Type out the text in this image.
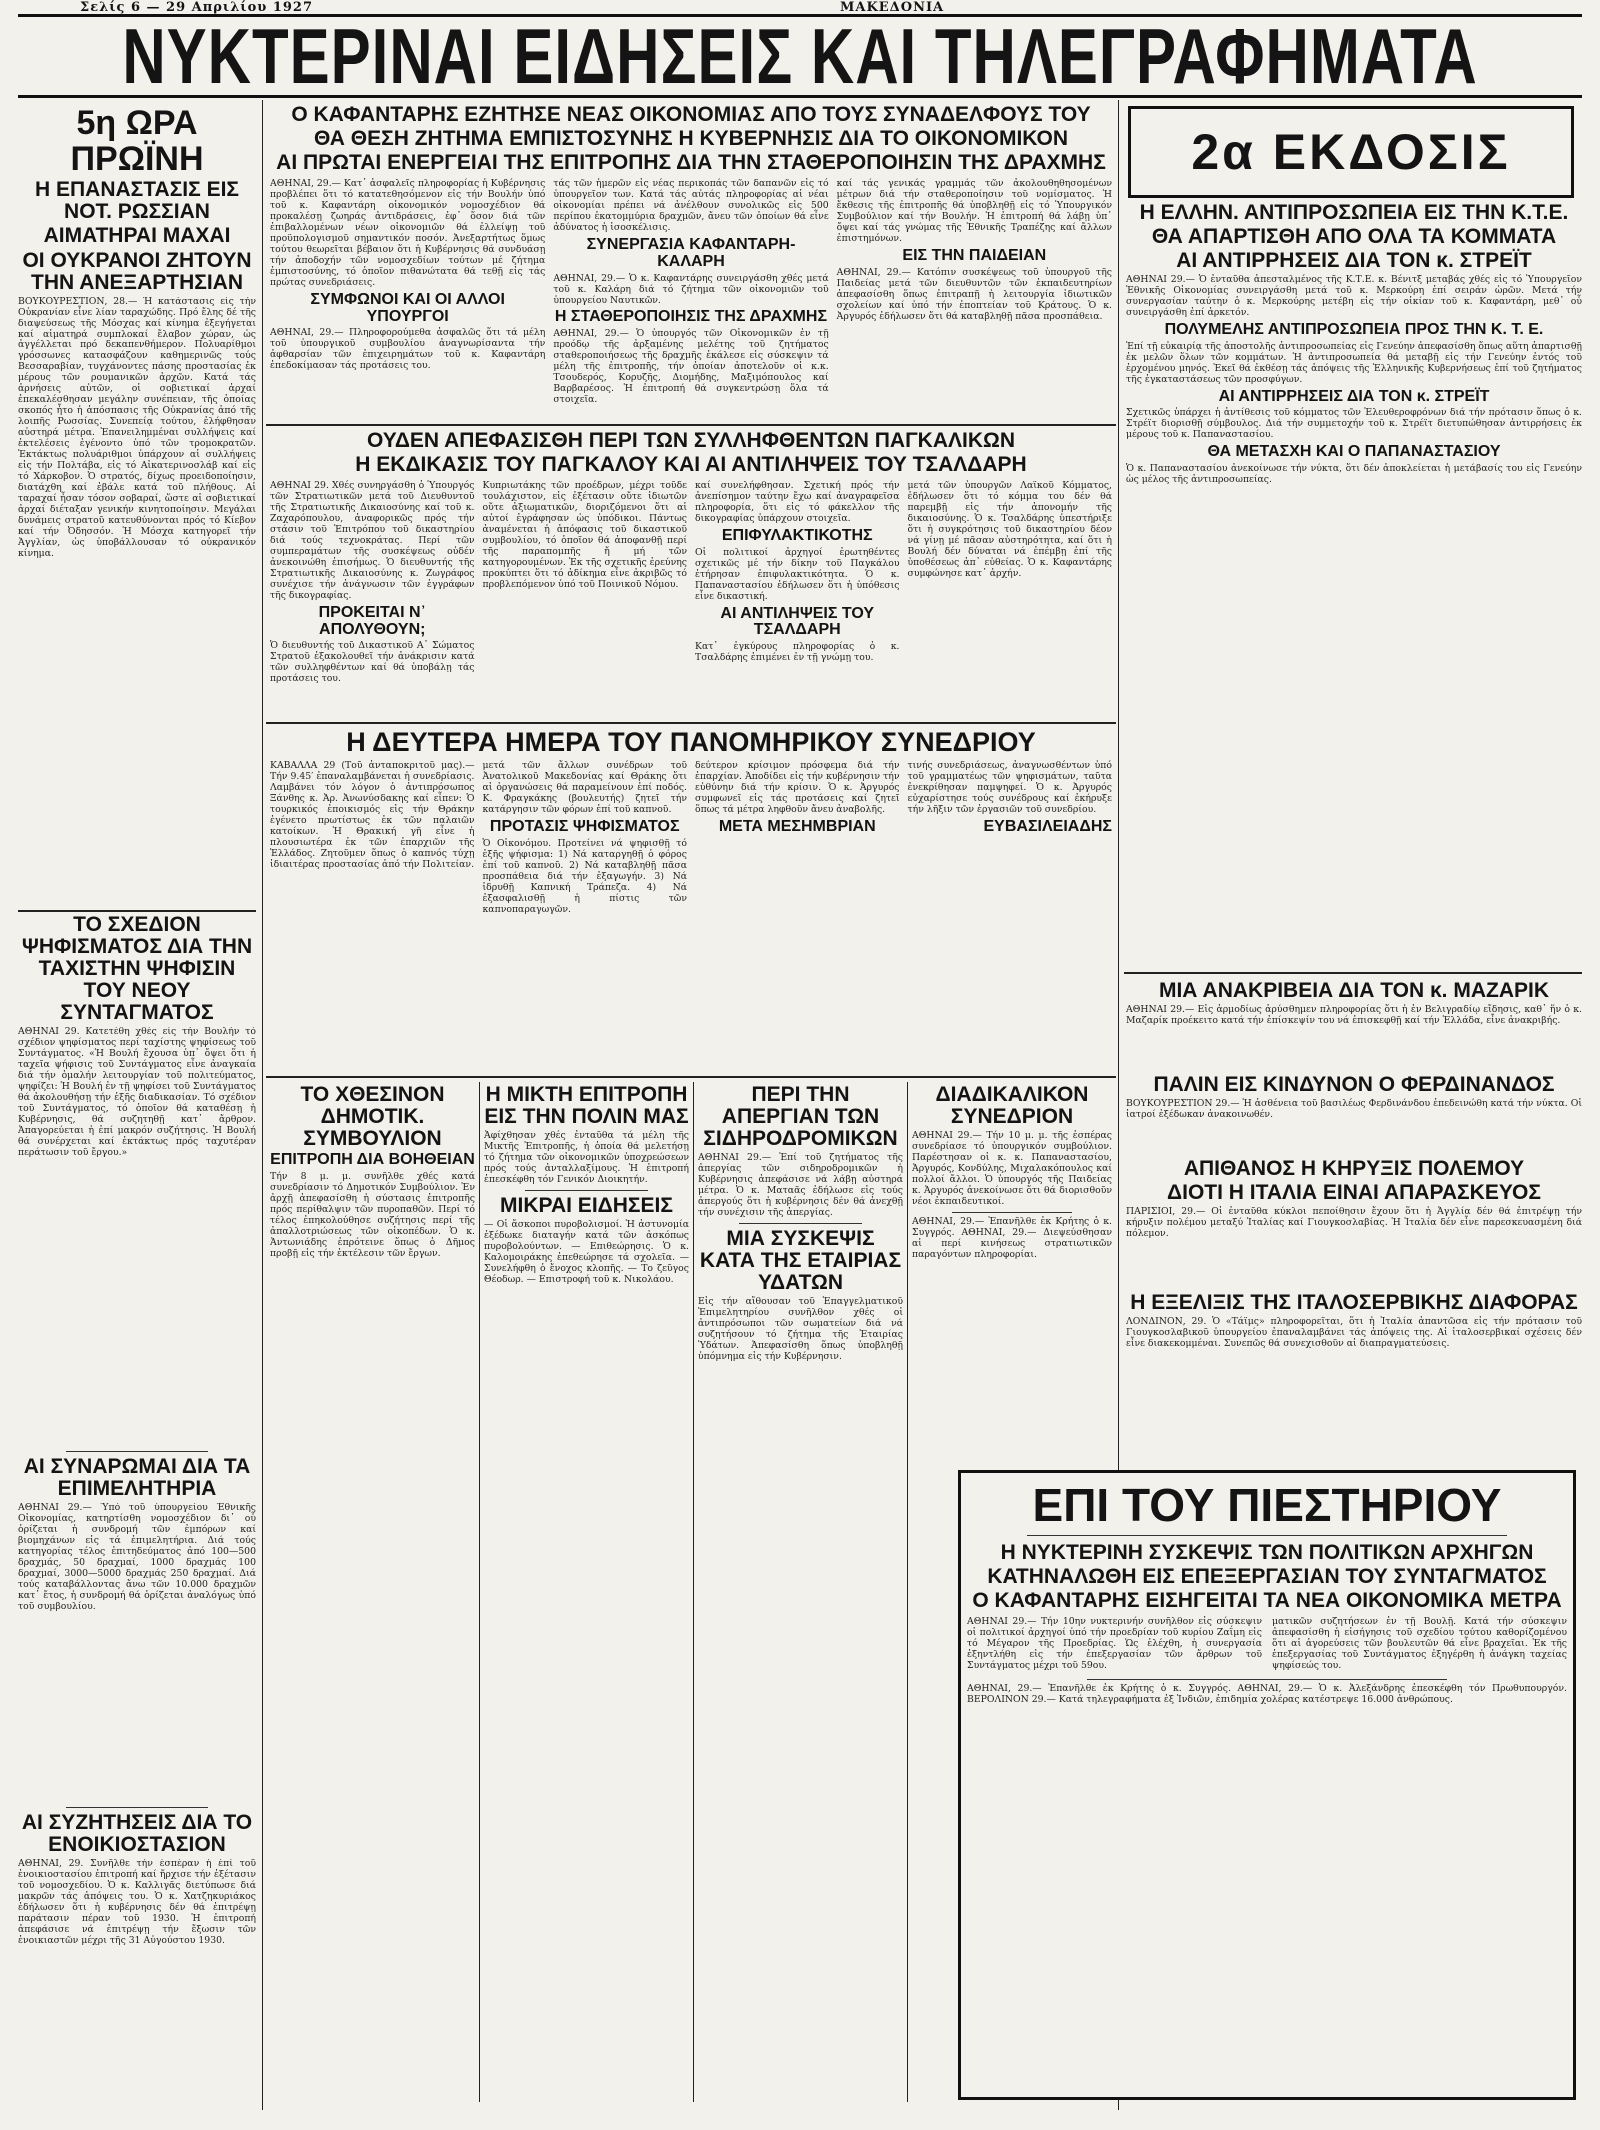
Σελίς 6 — 29 Απριλίου 1927	ΜΑΚΕΔΟΝΙΑ
ΝΥΚΤΕΡΙΝΑΙ ΕΙΔΗΣΕΙΣ ΚΑΙ ΤΗΛΕΓΡΑΦΗΜΑΤΑ
5η ΩΡΑ ΠΡΩΪΝΗ
Η ΕΠΑΝΑΣΤΑΣΙΣ ΕΙΣ ΝΟΤ. ΡΩΣΣΙΑΝ
ΑΙΜΑΤΗΡΑΙ ΜΑΧΑΙ
ΟΙ ΟΥΚΡΑΝΟΙ ΖΗΤΟΥΝ ΤΗΝ ΑΝΕΞΑΡΤΗΣΙΑΝ

ΒΟΥΚΟΥΡΕΣΤΙΟΝ, 28.— Ἡ κατάστασις εἰς τήν Οὐκρανίαν εἶνε λίαν ταραχώδης. Πρό ἔλης δέ τῆς διαψεύσεως τῆς Μόσχας καί κίνημα ἐξεγήγεται καί αἱματηρά συμπλοκαί ἔλαβον χώραν, ὡς ἀγγέλλεται πρό δεκαπενθήμερον. Πολυαρίθμοι γρόσσωνες κατασφάζουν καθημερινῶς τούς Βεσσαραβίαν, τυγχάνοντες πάσης προστασίας ἐκ μέρους τῶν ρουμανικῶν ἀρχῶν. Κατά τάς ἀρνήσεις αὐτῶν, οἱ σοβιετικαί ἀρχαί ἐπεκαλέσθησαν μεγάλην συνέπειαν, τῆς ὁποίας σκοπός ἦτο ἡ ἀπόσπασις τῆς Οὐκρανίας ἀπό τῆς λοιπῆς Ρωσσίας. Συνεπείᾳ τούτου, ἐλήφθησαν αὐστηρά μέτρα. Ἐπανειλημμέναι συλλήψεις καί ἐκτελέσεις ἐγένοντο ὑπό τῶν τρομοκρατῶν. Ἐκτάκτως πολυάριθμοι ὑπάρχουν αἱ συλλήψεις εἰς τήν Πολτάβα, εἰς τό Αἰκατερινοσλάβ καί εἰς τό Χάρκοβον. Ὁ στρατός, δίχως προειδοποίησιν, διατάχθη καί ἐβάλε κατά τοῦ πλήθους. Αἱ ταραχαί ἦσαν τόσον σοβαραί, ὥστε αἱ σοβιετικαί ἀρχαί διέταξαν γενικήν κινητοποίησιν. Μεγάλαι δυνάμεις στρατοῦ κατευθύνονται πρός τό Κίεβον καί τήν Ὀδησσόν. Ἡ Μόσχα κατηγορεῖ τήν Ἀγγλίαν, ὡς ὑποβάλλουσαν τό οὐκρανικόν κίνημα.

ΤΟ ΣΧΕΔΙΟΝ ΨΗΦΙΣΜΑΤΟΣ ΔΙΑ ΤΗΝ ΤΑΧΙΣΤΗΝ ΨΗΦΙΣΙΝ ΤΟΥ ΝΕΟΥ ΣΥΝΤΑΓΜΑΤΟΣ

ΑΘΗΝΑΙ 29. Κατετέθη χθές εἰς τήν Βουλήν τό σχέδιον ψηφίσματος περί ταχίστης ψηφίσεως τοῦ Συντάγματος. «Ἡ Βουλή ἔχουσα ὑπ᾽ ὄψει ὅτι ἡ ταχεῖα ψήφισις τοῦ Συντάγματος εἶνε ἀναγκαία διά τήν ὁμαλήν λειτουργίαν τοῦ πολιτεύματος, ψηφίζει: Ἡ Βουλή ἐν τῇ ψηφίσει τοῦ Συντάγματος θά ἀκολουθήσῃ τήν ἑξῆς διαδικασίαν. Τό σχέδιον τοῦ Συντάγματος, τό ὁποῖον θά καταθέσῃ ἡ Κυβέρνησις, θά συζητηθῇ κατ᾽ ἄρθρον. Ἀπαγορεύεται ἡ ἐπί μακρόν συζήτησις. Ἡ Βουλή θά συνέρχεται καί ἐκτάκτως πρός ταχυτέραν περάτωσιν τοῦ ἔργου.»

ΑΙ ΣΥΝΑΡΩΜΑΙ ΔΙΑ ΤΑ ΕΠΙΜΕΛΗΤΗΡΙΑ

ΑΘΗΝΑΙ 29.— Ὑπό τοῦ ὑπουργείου Ἐθνικῆς Οἰκονομίας, κατηρτίσθη νομοσχέδιον δι᾽ οὗ ὁρίζεται ἡ συνδρομή τῶν ἐμπόρων καί βιομηχάνων εἰς τά ἐπιμελητήρια. Διά τούς κατηγορίας τέλος ἐπιτηδεύματος ἀπό 100—500 δραχμάς, 50 δραχμαί, 1000 δραχμάς 100 δραχμαί, 3000—5000 δραχμάς 250 δραχμαί. Διά τούς καταβάλλοντας ἄνω τῶν 10.000 δραχμῶν κατ᾽ ἔτος, ἡ συνδρομή θά ὁρίζεται ἀναλόγως ὑπό τοῦ συμβουλίου.

ΑΙ ΣΥΖΗΤΗΣΕΙΣ ΔΙΑ ΤΟ ΕΝΟΙΚΙΟΣΤΑΣΙΟΝ

ΑΘΗΝΑΙ, 29. Συνῆλθε τήν ἑσπέραν ἡ ἐπί τοῦ ἐνοικιοστασίου ἐπιτροπή καί ἤρχισε τήν ἐξέτασιν τοῦ νομοσχεδίου. Ὁ κ. Καλλιγᾶς διετύπωσε διά μακρῶν τάς ἀπόψεις του. Ὁ κ. Χατζηκυριάκος ἐδήλωσεν ὅτι ἡ κυβέρνησις δέν θά ἐπιτρέψῃ παράτασιν πέραν τοῦ 1930. Ἡ ἐπιτροπή ἀπεφάσισε νά ἐπιτρέψῃ τήν ἔξωσιν τῶν ἐνοικιαστῶν μέχρι τῆς 31 Αὐγούστου 1930.

Ο ΚΑΦΑΝΤΑΡΗΣ ΕΖΗΤΗΣΕ ΝΕΑΣ ΟΙΚΟΝΟΜΙΑΣ ΑΠΟ ΤΟΥΣ ΣΥΝΑΔΕΛΦΟΥΣ ΤΟΥ
ΘΑ ΘΕΣΗ ΖΗΤΗΜΑ ΕΜΠΙΣΤΟΣΥΝΗΣ Η ΚΥΒΕΡΝΗΣΙΣ ΔΙΑ ΤΟ ΟΙΚΟΝΟΜΙΚΟΝ
ΑΙ ΠΡΩΤΑΙ ΕΝΕΡΓΕΙΑΙ ΤΗΣ ΕΠΙΤΡΟΠΗΣ ΔΙΑ ΤΗΝ ΣΤΑΘΕΡΟΠΟΙΗΣΙΝ ΤΗΣ ΔΡΑΧΜΗΣ

ΑΘΗΝΑΙ, 29.— Κατ᾽ ἀσφαλεῖς πληροφορίας ἡ Κυβέρνησις προβλέπει ὅτι τό κατατεθησόμενον εἰς τήν Βουλήν ὑπό τοῦ κ. Καφαντάρη οἰκονομικόν νομοσχέδιον θά προκαλέσῃ ζωηράς ἀντιδράσεις, ἐφ᾽ ὅσον διά τῶν ἐπιβαλλομένων νέων οἰκονομιῶν θά ἐλλείψῃ τοῦ προϋπολογισμοῦ σημαντικόν ποσόν. Ἀνεξαρτήτως ὅμως τούτου θεωρεῖται βέβαιον ὅτι ἡ Κυβέρνησις θά συνδυάσῃ τήν ἀποδοχήν τῶν νομοσχεδίων τούτων μέ ζήτημα ἐμπιστοσύνης, τό ὁποῖον πιθανώτατα θά τεθῇ εἰς τάς πρώτας συνεδριάσεις.

ΣΥΜΦΩΝΟΙ ΚΑΙ ΟΙ ΑΛΛΟΙ ΥΠΟΥΡΓΟΙ

ΑΘΗΝΑΙ, 29.— Πληροφορούμεθα ἀσφαλῶς ὅτι τά μέλη τοῦ ὑπουργικοῦ συμβουλίου ἀναγνωρίσαντα τήν ἀφθαρσίαν τῶν ἐπιχειρημάτων τοῦ κ. Καφαντάρη ἐπεδοκίμασαν τάς προτάσεις του.

τάς τῶν ἡμερῶν εἰς νέας περικοπάς τῶν δαπανῶν εἰς τό ὑπουργεῖον των. Κατά τάς αὐτάς πληροφορίας αἱ νέαι οἰκονομίαι πρέπει νά ἀνέλθουν συνολικῶς εἰς 500 περίπου ἑκατομμύρια δραχμῶν, ἄνευ τῶν ὁποίων θά εἶνε ἀδύνατος ἡ ἰσοσκέλισις.

ΣΥΝΕΡΓΑΣΙΑ ΚΑΦΑΝΤΑΡΗ-ΚΑΛΑΡΗ

ΑΘΗΝΑΙ, 29.— Ὁ κ. Καφαντάρης συνειργάσθη χθές μετά τοῦ κ. Καλάρη διά τό ζήτημα τῶν οἰκονομιῶν τοῦ ὑπουργείου Ναυτικῶν.

Η ΣΤΑΘΕΡΟΠΟΙΗΣΙΣ ΤΗΣ ΔΡΑΧΜΗΣ

ΑΘΗΝΑΙ, 29.— Ὁ ὑπουργός τῶν Οἰκονομικῶν ἐν τῇ προόδῳ τῆς ἀρξαμένης μελέτης τοῦ ζητήματος σταθεροποιήσεως τῆς δραχμῆς ἐκάλεσε εἰς σύσκεψιν τά μέλη τῆς ἐπιτροπῆς, τήν ὁποίαν ἀποτελοῦν οἱ κ.κ. Τσουδερός, Κορυζῆς, Διομήδης, Μαξιμόπουλος καί Βαρβαρέσος. Ἡ ἐπιτροπή θά συγκεντρώσῃ ὅλα τά στοιχεῖα.

καί τάς γενικάς γραμμάς τῶν ἀκολουθηθησομένων μέτρων διά τήν σταθεροποίησιν τοῦ νομίσματος. Ἡ ἔκθεσις τῆς ἐπιτροπῆς θά ὑποβληθῇ εἰς τό Ὑπουργικόν Συμβούλιον καί τήν Βουλήν. Ἡ ἐπιτροπή θά λάβῃ ὑπ᾽ ὄψει καί τάς γνώμας τῆς Ἐθνικῆς Τραπέζης καί ἄλλων ἐπιστημόνων.

ΕΙΣ ΤΗΝ ΠΑΙΔΕΙΑΝ

ΑΘΗΝΑΙ, 29.— Κατόπιν συσκέψεως τοῦ ὑπουργοῦ τῆς Παιδείας μετά τῶν διευθυντῶν τῶν ἐκπαιδευτηρίων ἀπεφασίσθη ὅπως ἐπιτραπῇ ἡ λειτουργία ἰδιωτικῶν σχολείων καί ὑπό τήν ἐποπτείαν τοῦ Κράτους. Ὁ κ. Ἀργυρός ἐδήλωσεν ὅτι θά καταβληθῇ πᾶσα προσπάθεια.

ΟΥΔΕΝ ΑΠΕΦΑΣΙΣΘΗ ΠΕΡΙ ΤΩΝ ΣΥΛΛΗΦΘΕΝΤΩΝ ΠΑΓΚΑΛΙΚΩΝ
Η ΕΚΔΙΚΑΣΙΣ ΤΟΥ ΠΑΓΚΑΛΟΥ ΚΑΙ ΑΙ ΑΝΤΙΛΗΨΕΙΣ ΤΟΥ ΤΣΑΛΔΑΡΗ

ΑΘΗΝΑΙ 29. Χθές συνηργάσθη ὁ Ὑπουργός τῶν Στρατιωτικῶν μετά τοῦ Διευθυντοῦ τῆς Στρατιωτικῆς Δικαιοσύνης καί τοῦ κ. Ζαχαρόπουλου, ἀναφορικῶς πρός τήν στάσιν τοῦ Ἐπιτρόπου τοῦ δικαστηρίου διά τούς τεχνοκράτας. Περί τῶν συμπεραμάτων τῆς συσκέψεως οὐδέν ἀνεκοινώθη ἐπισήμως. Ὁ διευθυντής τῆς Στρατιωτικῆς Δικαιοσύνης κ. Ζωγράφος συνέχισε τήν ἀνάγνωσιν τῶν ἐγγράφων τῆς δικογραφίας.

ΠΡΟΚΕΙΤΑΙ Ν᾽ ΑΠΟΛΥΘΟΥΝ;

Ὁ διευθυντής τοῦ Δικαστικοῦ Α᾽ Σώματος Στρατοῦ ἐξακολουθεῖ τήν ἀνάκρισιν κατά τῶν συλληφθέντων καί θά ὑποβάλῃ τάς προτάσεις του.

Κυπριωτάκης τῶν προέδρων, μέχρι τοῦδε τουλάχιστον, εἰς ἐξέτασιν οὔτε ἰδιωτῶν οὔτε ἀξιωματικῶν, διοριζόμενοι ὅτι αἱ αὐτοί ἐγράφησαν ὡς ὑπόδικοι. Πάντως ἀναμένεται ἡ ἀπόφασις τοῦ δικαστικοῦ συμβουλίου, τό ὁποῖον θά ἀποφανθῇ περί τῆς παραπομπῆς ἤ μή τῶν κατηγορουμένων. Ἐκ τῆς σχετικῆς ἐρεύνης προκύπτει ὅτι τό ἀδίκημα εἶνε ἀκριβῶς τό προβλεπόμενον ὑπό τοῦ Ποινικοῦ Νόμου.

καί συνελήφθησαν. Σχετική πρός τήν ἀνεπίσημον ταύτην ἔχω καί ἀναγραφεῖσα πληροφορία, ὅτι εἰς τό φάκελλον τῆς δικογραφίας ὑπάρχουν στοιχεῖα.

ΕΠΙΦΥΛΑΚΤΙΚΟΤΗΣ

Οἱ πολιτικοί ἀρχηγοί ἐρωτηθέντες σχετικῶς μέ τήν δίκην τοῦ Παγκάλου ἐτήρησαν ἐπιφυλακτικότητα. Ὁ κ. Παπαναστασίου ἐδήλωσεν ὅτι ἡ ὑπόθεσις εἶνε δικαστική.

ΑΙ ΑΝΤΙΛΗΨΕΙΣ ΤΟΥ ΤΣΑΛΔΑΡΗ

Κατ᾽ ἐγκύρους πληροφορίας ὁ κ. Τσαλδάρης ἐπιμένει ἐν τῇ γνώμῃ του.

μετά τῶν ὑπουργῶν Λαϊκοῦ Κόμματος, ἐδήλωσεν ὅτι τό κόμμα του δέν θά παρεμβῇ εἰς τήν ἀπονομήν τῆς δικαιοσύνης. Ὁ κ. Τσαλδάρης ὑπεστήριξε ὅτι ἡ συγκρότησις τοῦ δικαστηρίου δέον νά γίνῃ μέ πᾶσαν αὐστηρότητα, καί ὅτι ἡ Βουλή δέν δύναται νά ἐπέμβῃ ἐπί τῆς ὑποθέσεως ἀπ᾽ εὐθείας. Ὁ κ. Καφαντάρης συμφώνησε κατ᾽ ἀρχήν.

Η ΔΕΥΤΕΡΑ ΗΜΕΡΑ ΤΟΥ ΠΑΝΟΜΗΡΙΚΟΥ ΣΥΝΕΔΡΙΟΥ

ΚΑΒΑΛΛΑ 29 (Τοῦ ἀνταποκριτοῦ μας).— Τήν 9.45′ ἐπαναλαμβάνεται ἡ συνεδρίασις. Λαμβάνει τόν λόγον ὁ ἀντιπρόσωπος Ξάνθης κ. Ἀρ. Ἀνωνύσδακης καί εἶπεν: Ὁ τουρκικός ἐποικισμός εἰς τήν Θράκην ἐγένετο πρωτίστως ἐκ τῶν παλαιῶν κατοίκων. Ἡ Θρακική γῆ εἶνε ἡ πλουσιωτέρα ἐκ τῶν ἐπαρχιῶν τῆς Ἑλλάδος. Ζητοῦμεν ὅπως ὁ καπνός τύχῃ ἰδιαιτέρας προστασίας ἀπό τήν Πολιτείαν.

μετά τῶν ἄλλων συνέδρων τοῦ Ἀνατολικοῦ Μακεδονίας καί Θράκης ὅτι αἱ ὀργανώσεις θά παραμείνουν ἐπί ποδός. Κ. Φραγκάκης (βουλευτής) ζητεῖ τήν κατάργησιν τῶν φόρων ἐπί τοῦ καπνοῦ.

ΠΡΟΤΑΣΙΣ ΨΗΦΙΣΜΑΤΟΣ

Ὁ Οἰκονόμου. Προτείνει νά ψηφισθῇ τό ἑξῆς ψήφισμα: 1) Νά καταργηθῇ ὁ φόρος ἐπί τοῦ καπνοῦ. 2) Νά καταβληθῇ πᾶσα προσπάθεια διά τήν ἐξαγωγήν. 3) Νά ἱδρυθῇ Καπνική Τράπεζα. 4) Νά ἐξασφαλισθῇ ἡ πίστις τῶν καπνοπαραγωγῶν.

δεύτερον κρίσιμον πρόσφεμα διά τήν ἐπαρχίαν. Ἀποδίδει εἰς τήν κυβέρνησιν τήν εὐθύνην διά τήν κρίσιν. Ὁ κ. Ἀργυρός συμφωνεῖ εἰς τάς προτάσεις καί ζητεῖ ὅπως τά μέτρα ληφθοῦν ἄνευ ἀναβολῆς.

ΜΕΤΑ ΜΕΣΗΜΒΡΙΑΝ

τινής συνεδριάσεως, ἀναγνωσθέντων ὑπό τοῦ γραμματέως τῶν ψηφισμάτων, ταῦτα ἐνεκρίθησαν παμψηφεί. Ὁ κ. Ἀργυρός εὐχαρίστησε τούς συνέδρους καί ἐκήρυξε τήν λῆξιν τῶν ἐργασιῶν τοῦ συνεδρίου.

ΕΥΒΑΣΙΛΕΙΑΔΗΣ
ΤΟ ΧΘΕΣΙΝΟΝ ΔΗΜΟΤΙΚ. ΣΥΜΒΟΥΛΙΟΝ
ΕΠΙΤΡΟΠΗ ΔΙΑ ΒΟΗΘΕΙΑΝ

Τήν 8 μ. μ. συνῆλθε χθές κατά συνεδρίασιν τό Δημοτικόν Συμβούλιον. Ἐν ἀρχῇ ἀπεφασίσθη ἡ σύστασις ἐπιτροπῆς πρός περίθαλψιν τῶν πυροπαθῶν. Περί τό τέλος ἐπηκολούθησε συζήτησις περί τῆς ἀπαλλοτριώσεως τῶν οἰκοπέδων. Ὁ κ. Ἀντωνιάδης ἐπρότεινε ὅπως ὁ Δῆμος προβῇ εἰς τήν ἐκτέλεσιν τῶν ἔργων.

Η ΜΙΚΤΗ ΕΠΙΤΡΟΠΗ ΕΙΣ ΤΗΝ ΠΟΛΙΝ ΜΑΣ

Ἀφίχθησαν χθές ἐνταῦθα τά μέλη τῆς Μικτῆς Ἐπιτροπῆς, ἡ ὁποία θά μελετήσῃ τό ζήτημα τῶν οἰκονομικῶν ὑποχρεώσεων πρός τούς ἀνταλλαξίμους. Ἡ ἐπιτροπή ἐπεσκέφθη τόν Γενικόν Διοικητήν.

ΜΙΚΡΑΙ ΕΙΔΗΣΕΙΣ

— Οἱ ἄσκοποι πυροβολισμοί. Ἡ ἀστυνομία ἐξέδωκε διαταγήν κατά τῶν ἀσκόπως πυροβολούντων. — Επιθεώρησις. Ὁ κ. Καλομοιράκης ἐπεθεώρησε τά σχολεῖα. — Συνελήφθη ὁ ἔνοχος κλοπῆς. — Το ζεῦγος Θέοδωρ. — Επιστροφή τοῦ κ. Νικολάου.

ΠΕΡΙ ΤΗΝ ΑΠΕΡΓΙΑΝ ΤΩΝ ΣΙΔΗΡΟΔΡΟΜΙΚΩΝ

ΑΘΗΝΑΙ 29.— Ἐπί τοῦ ζητήματος τῆς ἀπεργίας τῶν σιδηροδρομικῶν ἡ Κυβέρνησις ἀπεφάσισε νά λάβῃ αὐστηρά μέτρα. Ὁ κ. Ματαᾶς ἐδήλωσε εἰς τούς ἀπεργούς ὅτι ἡ κυβέρνησις δέν θά ἀνεχθῇ τήν συνέχισιν τῆς ἀπεργίας.

ΜΙΑ ΣΥΣΚΕΨΙΣ ΚΑΤΑ ΤΗΣ ΕΤΑΙΡΙΑΣ ΥΔΑΤΩΝ

Εἰς τήν αἴθουσαν τοῦ Ἐπαγγελματικοῦ Ἐπιμελητηρίου συνῆλθον χθές οἱ ἀντιπρόσωποι τῶν σωματείων διά νά συζητήσουν τό ζήτημα τῆς Ἑταιρίας Ὑδάτων. Ἀπεφασίσθη ὅπως ὑποβληθῇ ὑπόμνημα εἰς τήν Κυβέρνησιν.

ΔΙΑΔΙΚΑΛΙΚΟΝ ΣΥΝΕΔΡΙΟΝ

ΑΘΗΝΑΙ 29.— Τήν 10 μ. μ. τῆς ἑσπέρας συνεδρίασε τό ὑπουργικόν συμβούλιον. Παρέστησαν οἱ κ. κ. Παπαναστασίου, Ἀργυρός, Κονδύλης, Μιχαλακόπουλος καί πολλοί ἄλλοι. Ὁ ὑπουργός τῆς Παιδείας κ. Ἀργυρός ἀνεκοίνωσε ὅτι θά διορισθοῦν νέοι ἐκπαιδευτικοί.

ΑΘΗΝΑΙ, 29.— Ἐπανῆλθε ἐκ Κρήτης ὁ κ. Συγγρός. ΑΘΗΝΑΙ, 29.— Διεψεύσθησαν αἱ περί κινήσεως στρατιωτικῶν παραγόντων πληροφορίαι.

2α ΕΚΔΟΣΙΣ
Η ΕΛΛΗΝ. ΑΝΤΙΠΡΟΣΩΠΕΙΑ ΕΙΣ ΤΗΝ Κ.Τ.Ε.
ΘΑ ΑΠΑΡΤΙΣΘΗ ΑΠΟ ΟΛΑ ΤΑ ΚΟΜΜΑΤΑ
ΑΙ ΑΝΤΙΡΡΗΣΕΙΣ ΔΙΑ ΤΟΝ κ. ΣΤΡΕΪΤ

ΑΘΗΝΑΙ 29.— Ὁ ἐνταῦθα ἀπεσταλμένος τῆς Κ.Τ.Ε. κ. Βένιτξ μεταβάς χθές εἰς τό Ὑπουργεῖον Ἐθνικῆς Οἰκονομίας συνειργάσθη μετά τοῦ κ. Μερκούρη ἐπί σειράν ὡρῶν. Μετά τήν συνεργασίαν ταύτην ὁ κ. Μερκούρης μετέβη εἰς τήν οἰκίαν τοῦ κ. Καφαντάρη, μεθ᾽ οὗ συνειργάσθη ἐπί ἀρκετόν.

ΠΟΛΥΜΕΛΗΣ ΑΝΤΙΠΡΟΣΩΠΕΙΑ ΠΡΟΣ ΤΗΝ Κ. Τ. Ε.

Ἐπί τῇ εὐκαιρίᾳ τῆς ἀποστολῆς ἀντιπροσωπείας εἰς Γενεύην ἀπεφασίσθη ὅπως αὕτη ἀπαρτισθῇ ἐκ μελῶν ὅλων τῶν κομμάτων. Ἡ ἀντιπροσωπεία θά μεταβῇ εἰς τήν Γενεύην ἐντός τοῦ ἐρχομένου μηνός. Ἐκεῖ θά ἐκθέσῃ τάς ἀπόψεις τῆς Ἑλληνικῆς Κυβερνήσεως ἐπί τοῦ ζητήματος τῆς ἐγκαταστάσεως τῶν προσφύγων.

ΑΙ ΑΝΤΙΡΡΗΣΕΙΣ ΔΙΑ ΤΟΝ κ. ΣΤΡΕΪΤ

Σχετικῶς ὑπάρχει ἡ ἀντίθεσις τοῦ κόμματος τῶν Ἐλευθεροφρόνων διά τήν πρότασιν ὅπως ὁ κ. Στρέϊτ διορισθῇ σύμβουλος. Διά τήν συμμετοχήν τοῦ κ. Στρέϊτ διετυπώθησαν ἀντιρρήσεις ἐκ μέρους τοῦ κ. Παπαναστασίου.

ΘΑ ΜΕΤΑΣΧΗ ΚΑΙ Ο ΠΑΠΑΝΑΣΤΑΣΙΟΥ

Ὁ κ. Παπαναστασίου ἀνεκοίνωσε τήν νύκτα, ὅτι δέν ἀποκλείεται ἡ μετάβασίς του εἰς Γενεύην ὡς μέλος τῆς ἀντιπροσωπείας.

ΜΙΑ ΑΝΑΚΡΙΒΕΙΑ ΔΙΑ ΤΟΝ κ. ΜΑΖΑΡΙΚ

ΑΘΗΝΑΙ 29.— Εἰς ἁρμοδίως ἀρύσθημεν πληροφορίας ὅτι ἡ ἐν Βελιγραδίῳ εἴδησις, καθ᾽ ἥν ὁ κ. Μαζαρίκ προέκειτο κατά τήν ἐπίσκεψίν του νά ἐπισκεφθῇ καί τήν Ἑλλάδα, εἶνε ἀνακριβής.

ΠΑΛΙΝ ΕΙΣ ΚΙΝΔΥΝΟΝ Ο ΦΕΡΔΙΝΑΝΔΟΣ

ΒΟΥΚΟΥΡΕΣΤΙΟΝ 29.— Ἡ ἀσθένεια τοῦ βασιλέως Φερδινάνδου ἐπεδεινώθη κατά τήν νύκτα. Οἱ ἰατροί ἐξέδωκαν ἀνακοινωθέν.

ΑΠΙΘΑΝΟΣ Η ΚΗΡΥΞΙΣ ΠΟΛΕΜΟΥ
ΔΙΟΤΙ Η ΙΤΑΛΙΑ ΕΙΝΑΙ ΑΠΑΡΑΣΚΕΥΟΣ

ΠΑΡΙΣΙΟΙ, 29.— Οἱ ἐνταῦθα κύκλοι πεποίθησιν ἔχουν ὅτι ἡ Ἀγγλία δέν θά ἐπιτρέψῃ τήν κήρυξιν πολέμου μεταξύ Ἰταλίας καί Γιουγκοσλαβίας. Ἡ Ἰταλία δέν εἶνε παρεσκευασμένη διά πόλεμον.

Η ΕΞΕΛΙΞΙΣ ΤΗΣ ΙΤΑΛΟΣΕΡΒΙΚΗΣ ΔΙΑΦΟΡΑΣ

ΛΟΝΔΙΝΟΝ, 29. Ὁ «Τάϊμς» πληροφορεῖται, ὅτι ἡ Ἰταλία ἀπαντῶσα εἰς τήν πρότασιν τοῦ Γιουγκοσλαβικοῦ ὑπουργείου ἐπαναλαμβάνει τάς ἀπόψεις της. Αἱ ἰταλοσερβικαί σχέσεις δέν εἶνε διακεκομμέναι. Συνεπῶς θά συνεχισθοῦν αἱ διαπραγματεύσεις.

ΕΠΙ ΤΟΥ ΠΙΕΣΤΗΡΙΟΥ
Η ΝΥΚΤΕΡΙΝΗ ΣΥΣΚΕΨΙΣ ΤΩΝ ΠΟΛΙΤΙΚΩΝ ΑΡΧΗΓΩΝ
ΚΑΤΗΝΑΛΩΘΗ ΕΙΣ ΕΠΕΞΕΡΓΑΣΙΑΝ ΤΟΥ ΣΥΝΤΑΓΜΑΤΟΣ
Ο ΚΑΦΑΝΤΑΡΗΣ ΕΙΣΗΓΕΙΤΑΙ ΤΑ ΝΕΑ ΟΙΚΟΝΟΜΙΚΑ ΜΕΤΡΑ

ΑΘΗΝΑΙ 29.— Τήν 10ην νυκτερινήν συνῆλθον εἰς σύσκεψιν οἱ πολιτικοί ἀρχηγοί ὑπό τήν προεδρίαν τοῦ κυρίου Ζαΐμη εἰς τό Μέγαρον τῆς Προεδρίας. Ὡς ἐλέχθη, ἡ συνεργασία ἐξηντλήθη εἰς τήν ἐπεξεργασίαν τῶν ἄρθρων τοῦ Συντάγματος μέχρι τοῦ 59ου.

ματικῶν συζητήσεων ἐν τῇ Βουλῇ. Κατά τήν σύσκεψιν ἀπεφασίσθη ἡ εἰσήγησις τοῦ σχεδίου τούτου καθορίζομένου ὅτι αἱ ἀγορεύσεις τῶν βουλευτῶν θά εἶνε βραχεῖαι. Ἐκ τῆς ἐπεξεργασίας τοῦ Συντάγματος ἐξηγέρθη ἡ ἀνάγκη ταχείας ψηφίσεώς του.

ΑΘΗΝΑΙ, 29.— Ἐπανῆλθε ἐκ Κρήτης ὁ κ. Συγγρός. ΑΘΗΝΑΙ, 29.— Ὁ κ. Ἀλεξάνδρης ἐπεσκέφθη τόν Πρωθυπουργόν. ΒΕΡΟΛΙΝΟΝ 29.— Κατά τηλεγραφήματα ἐξ Ἰνδιῶν, ἐπιδημία χολέρας κατέστρεψε 16.000 ἀνθρώπους.
